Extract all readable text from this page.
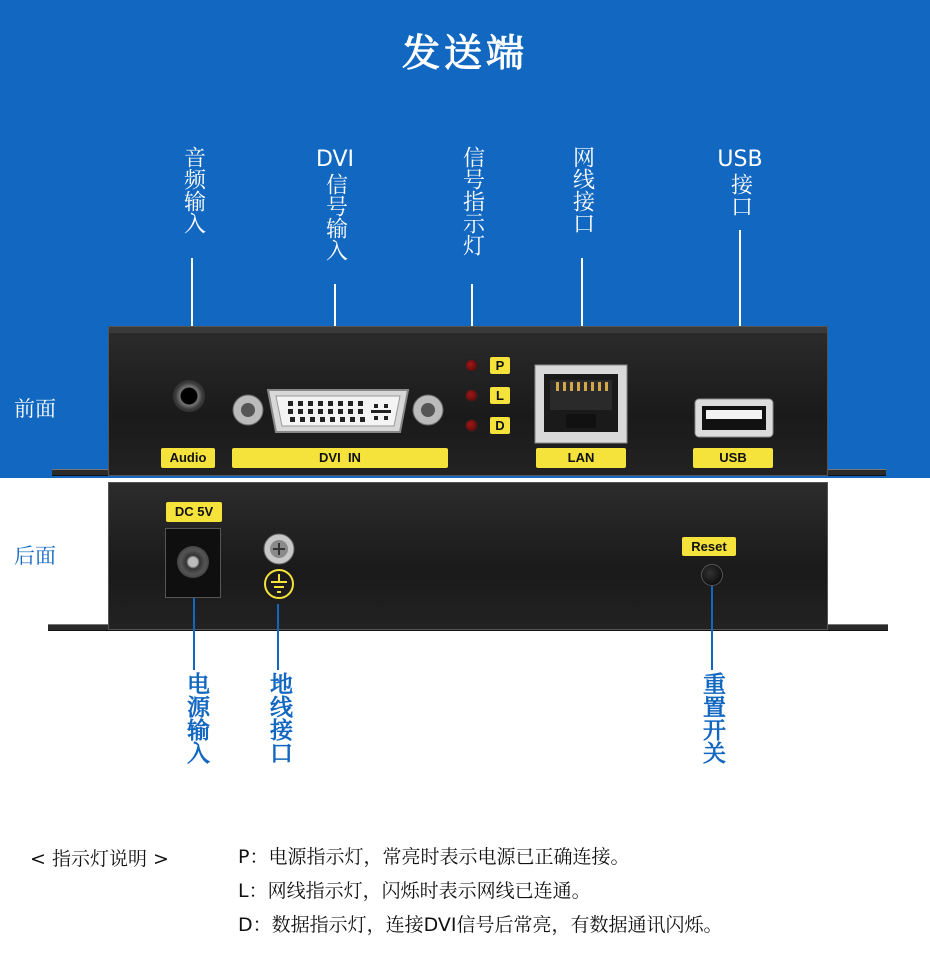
发送端
音频输入	DVI
信号输入	信号指示灯	网线接口	USB
接口
前面
Audio	DVI  IN
P
L
D
LAN	USB
后面
DC 5V
Reset
电源输入 地线接口	重置开关
< 指示灯说明 >	P：电源指示灯，常亮时表示电源已正确连接。
L：网线指示灯，闪烁时表示网线已连通。
D：数据指示灯，连接DVI信号后常亮，有数据通讯闪烁。
